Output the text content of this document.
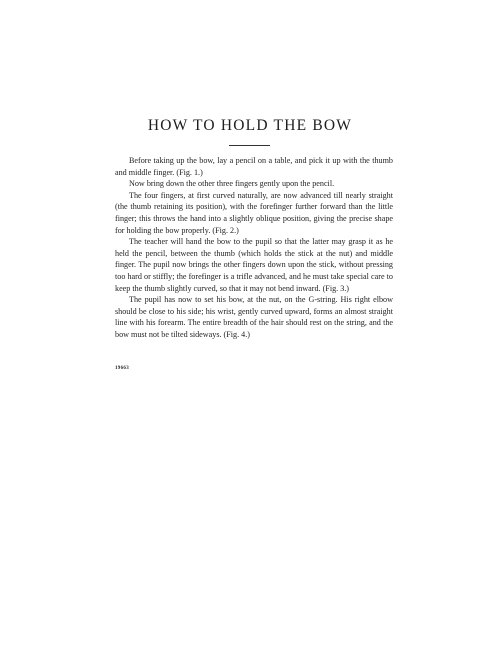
HOW TO HOLD THE BOW

Before taking up the bow, lay a pencil on a table, and pick it up with the thumb and middle finger. (Fig. 1.)

Now bring down the other three fingers gently upon the pencil.

The four fingers, at first curved naturally, are now advanced till nearly straight (the thumb retaining its position), with the forefinger further forward than the little finger; this throws the hand into a slightly oblique position, giving the precise shape for holding the bow properly. (Fig. 2.)

The teacher will hand the bow to the pupil so that the latter may grasp it as he held the pencil, between the thumb (which holds the stick at the nut) and middle finger. The pupil now brings the other fingers down upon the stick, without pressing too hard or stiffly; the forefinger is a trifle advanced, and he must take special care to keep the thumb slightly curved, so that it may not bend inward. (Fig. 3.)

The pupil has now to set his bow, at the nut, on the G-string. His right elbow should be close to his side; his wrist, gently curved upward, forms an almost straight line with his forearm. The entire breadth of the hair should rest on the string, and the bow must not be tilted sideways. (Fig. 4.)

19663
